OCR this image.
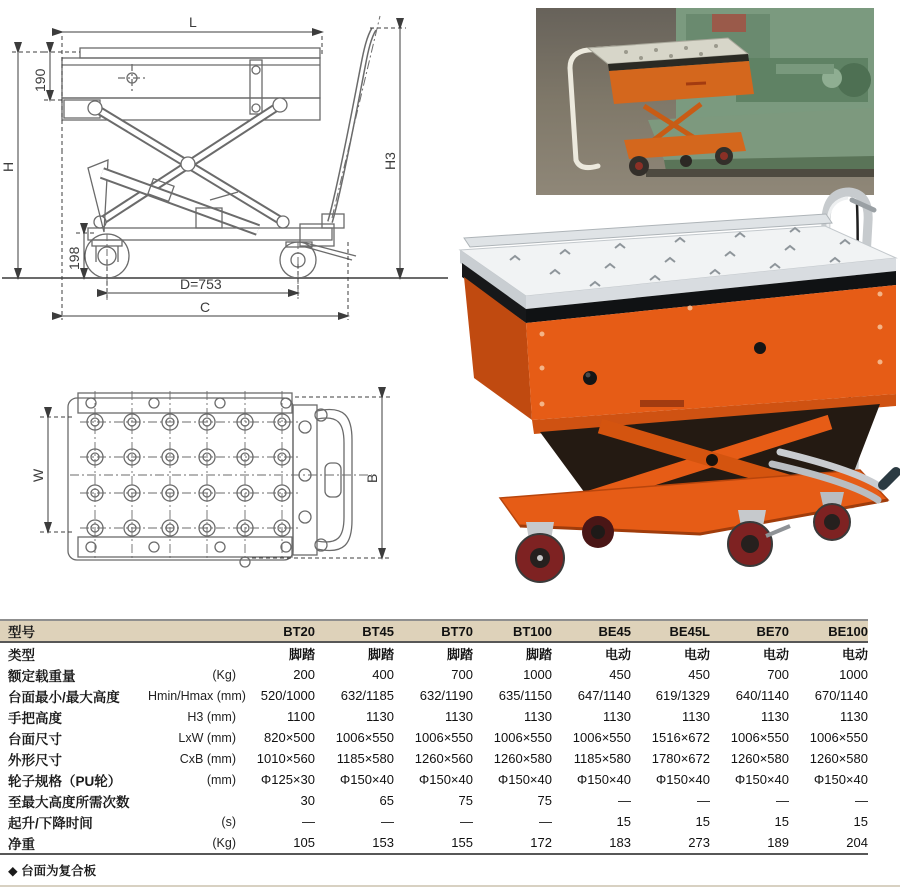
L
190
H	H3
198
D=753
C
W	B
型号		BT20	BT45	BT70	BT100	BE45	BE45L	BE70	BE100
类型		脚踏	脚踏	脚踏	脚踏	电动	电动	电动	电动
额定载重量	(Kg)	200	400	700	1000	450	450	700	1000
台面最小/最大高度	Hmin/Hmax (mm)	520/1000	632/1185	632/1190	635/1150	647/1140	619/1329	640/1140	670/1140
手把高度	H3 (mm)	1100	1130	1130	1130	1130	1130	1130	1130
台面尺寸	LxW (mm)	820×500	1006×550	1006×550	1006×550	1006×550	1516×672	1006×550	1006×550
外形尺寸	CxB (mm)	1010×560	1185×580	1260×560	1260×580	1185×580	1780×672	1260×580	1260×580
轮子规格（PU轮）	(mm)	Φ125×30	Φ150×40	Φ150×40	Φ150×40	Φ150×40	Φ150×40	Φ150×40	Φ150×40
至最大高度所需次数		30	65	75	75	—	—	—	—
起升/下降时间	(s)	—	—	—	—	15	15	15	15
净重	(Kg)	105	153	155	172	183	273	189	204
◆ 台面为复合板
